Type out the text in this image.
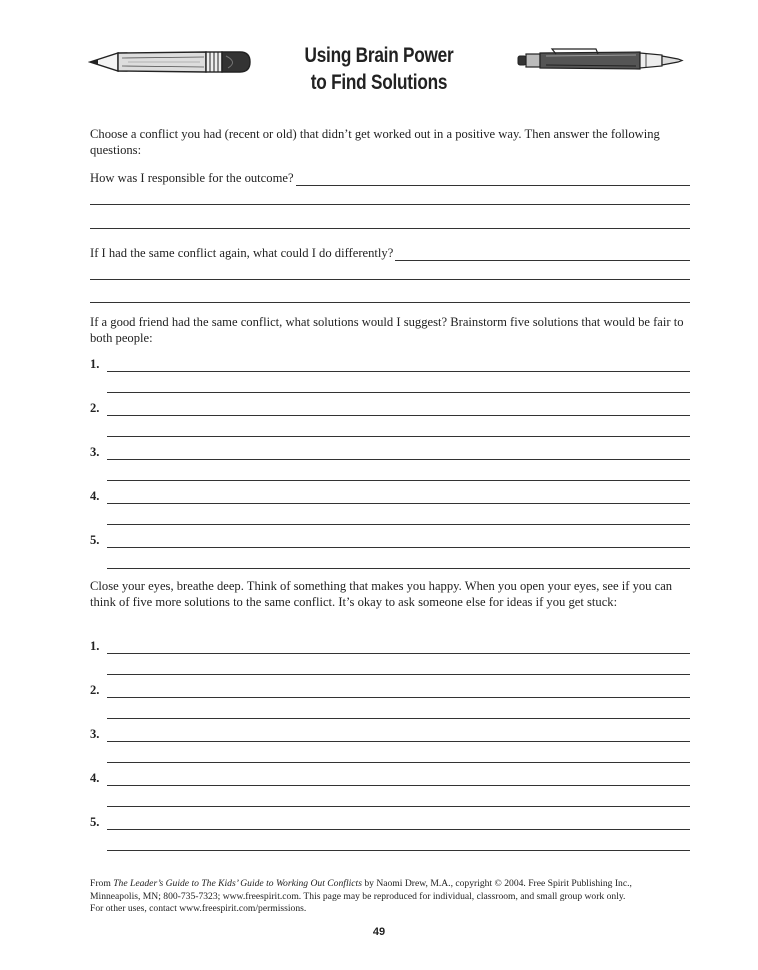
Using Brain Power
to Find Solutions
Choose a conflict you had (recent or old) that didn’t get worked out in a positive way. Then answer the following questions:
How was I responsible for the outcome?
If I had the same conflict again, what could I do differently?
If a good friend had the same conflict, what solutions would I suggest? Brainstorm five solutions that would be fair to both people:
1.
2.
3.
4.
5.
Close your eyes, breathe deep. Think of something that makes you happy. When you open your eyes, see if you can think of five more solutions to the same conflict. It’s okay to ask someone else for ideas if you get stuck:
1.
2.
3.
4.
5.
From The Leader’s Guide to The Kids’ Guide to Working Out Conflicts by Naomi Drew, M.A., copyright © 2004. Free Spirit Publishing Inc.,
Minneapolis, MN; 800-735-7323; www.freespirit.com. This page may be reproduced for individual, classroom, and small group work only.
For other uses, contact www.freespirit.com/permissions.
49
